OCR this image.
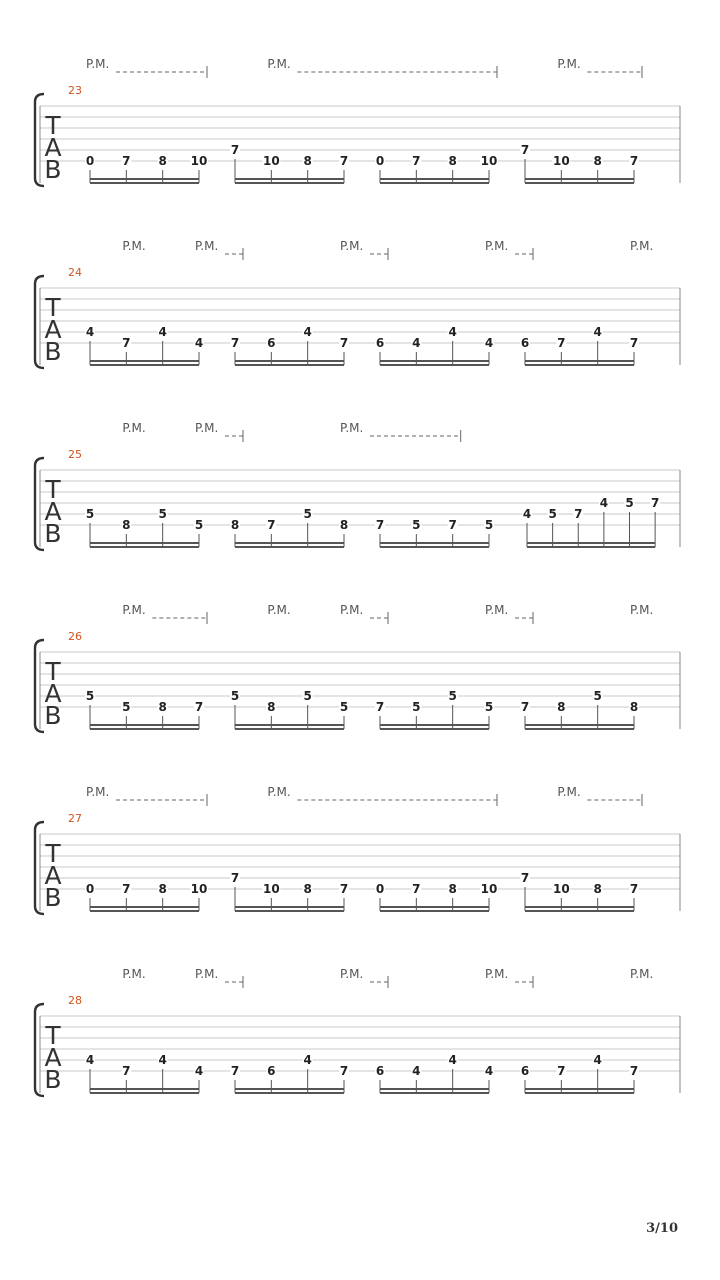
T
A
B
23
0 7 8 10
7
10 8 7 0 7 8 10
7
10 8 7
P.M.	P.M.	P.M.
T
A
B
24
4
7
4
4 7 6
4
7 6 4
4
4 6 7
4
7
P.M.	P.M.	P.M.	P.M.	P.M.
T
A
B
25
5
8
5
5 8 7
5
8 7 5 7 5
4 5 7
4 5 7
P.M.	P.M.	P.M.
T
A
B
26
5
5 8 7
5
8
5
5 7 5
5
5 7 8
5
8
P.M.	P.M.	P.M.	P.M.	P.M.
T
A
B
27
0 7 8 10
7
10 8 7 0 7 8 10
7
10 8 7
P.M.	P.M.	P.M.
T
A
B
28
4
7
4
4 7 6
4
7 6 4
4
4 6 7
4
7
P.M.	P.M.	P.M.	P.M.	P.M.
3/10
